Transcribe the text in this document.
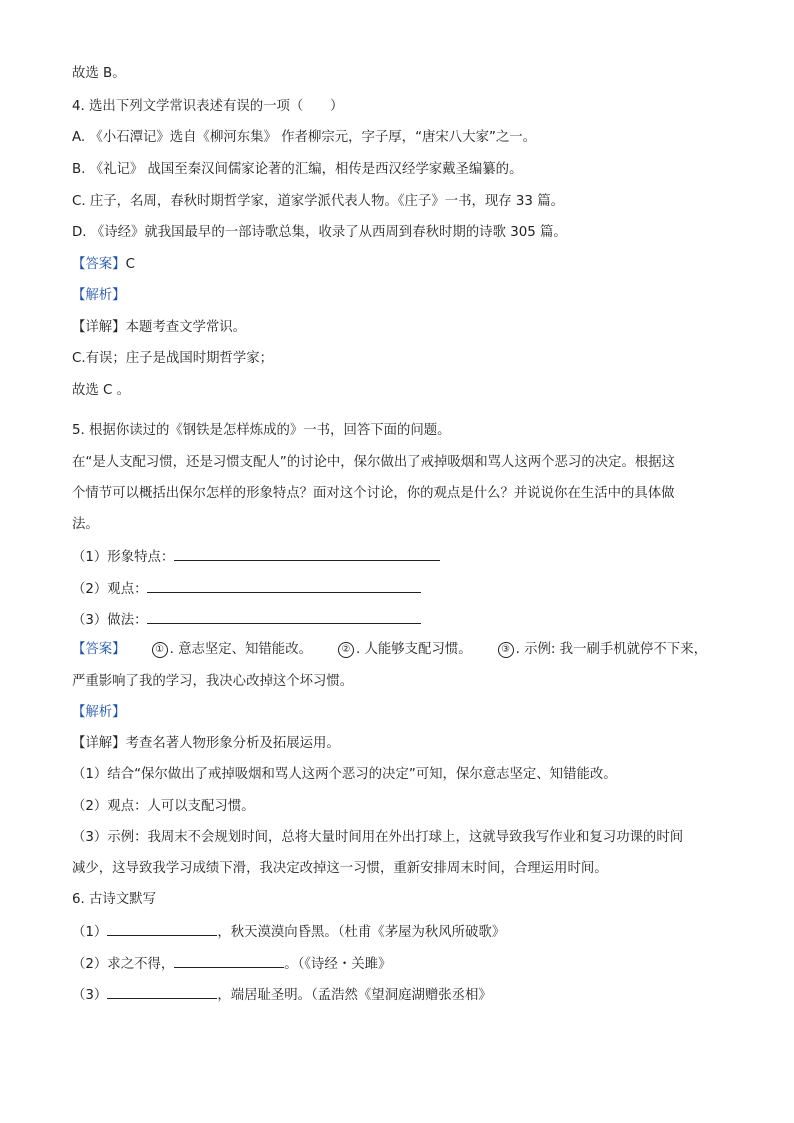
故选 B。
4. 选出下列文学常识表述有误的一项（　　）
A. 《小石潭记》选自《柳河东集》 作者柳宗元，字子厚，“唐宋八大家”之一。
B. 《礼记》 战国至秦汉间儒家论著的汇编，相传是西汉经学家戴圣编纂的。
C. 庄子，名周，春秋时期哲学家，道家学派代表人物。《庄子》一书，现存 33 篇。
D. 《诗经》就我国最早的一部诗歌总集，收录了从西周到春秋时期的诗歌 305 篇。
【答案】C
【解析】
【详解】本题考查文学常识。
C.有误；庄子是战国时期哲学家；
故选 C 。
5. 根据你读过的《钢铁是怎样炼成的》一书，回答下面的问题。
在“是人支配习惯，还是习惯支配人”的讨论中，保尔做出了戒掉吸烟和骂人这两个恶习的决定。根据这
个情节可以概括出保尔怎样的形象特点？面对这个讨论，你的观点是什么？并说说你在生活中的具体做
法。
（1）形象特点：
（2）观点：
（3）做法：
【答案】	① . 意志坚定、知错能改。	② . 人能够支配习惯。	③ . 示例: 我一刷手机就停不下来，
严重影响了我的学习，我决心改掉这个坏习惯。
【解析】
【详解】考查名著人物形象分析及拓展运用。
（1）结合“保尔做出了戒掉吸烟和骂人这两个恶习的决定”可知，保尔意志坚定、知错能改。
（2）观点：人可以支配习惯。
（3）示例：我周末不会规划时间，总将大量时间用在外出打球上，这就导致我写作业和复习功课的时间
减少，这导致我学习成绩下滑，我决定改掉这一习惯，重新安排周末时间，合理运用时间。
6. 古诗文默写
（1）	，秋天漠漠向昏黑。（杜甫《茅屋为秋风所破歌》
（2）求之不得，	。（《诗经・关雎》
（3）	，端居耻圣明。（孟浩然《望洞庭湖赠张丞相》
